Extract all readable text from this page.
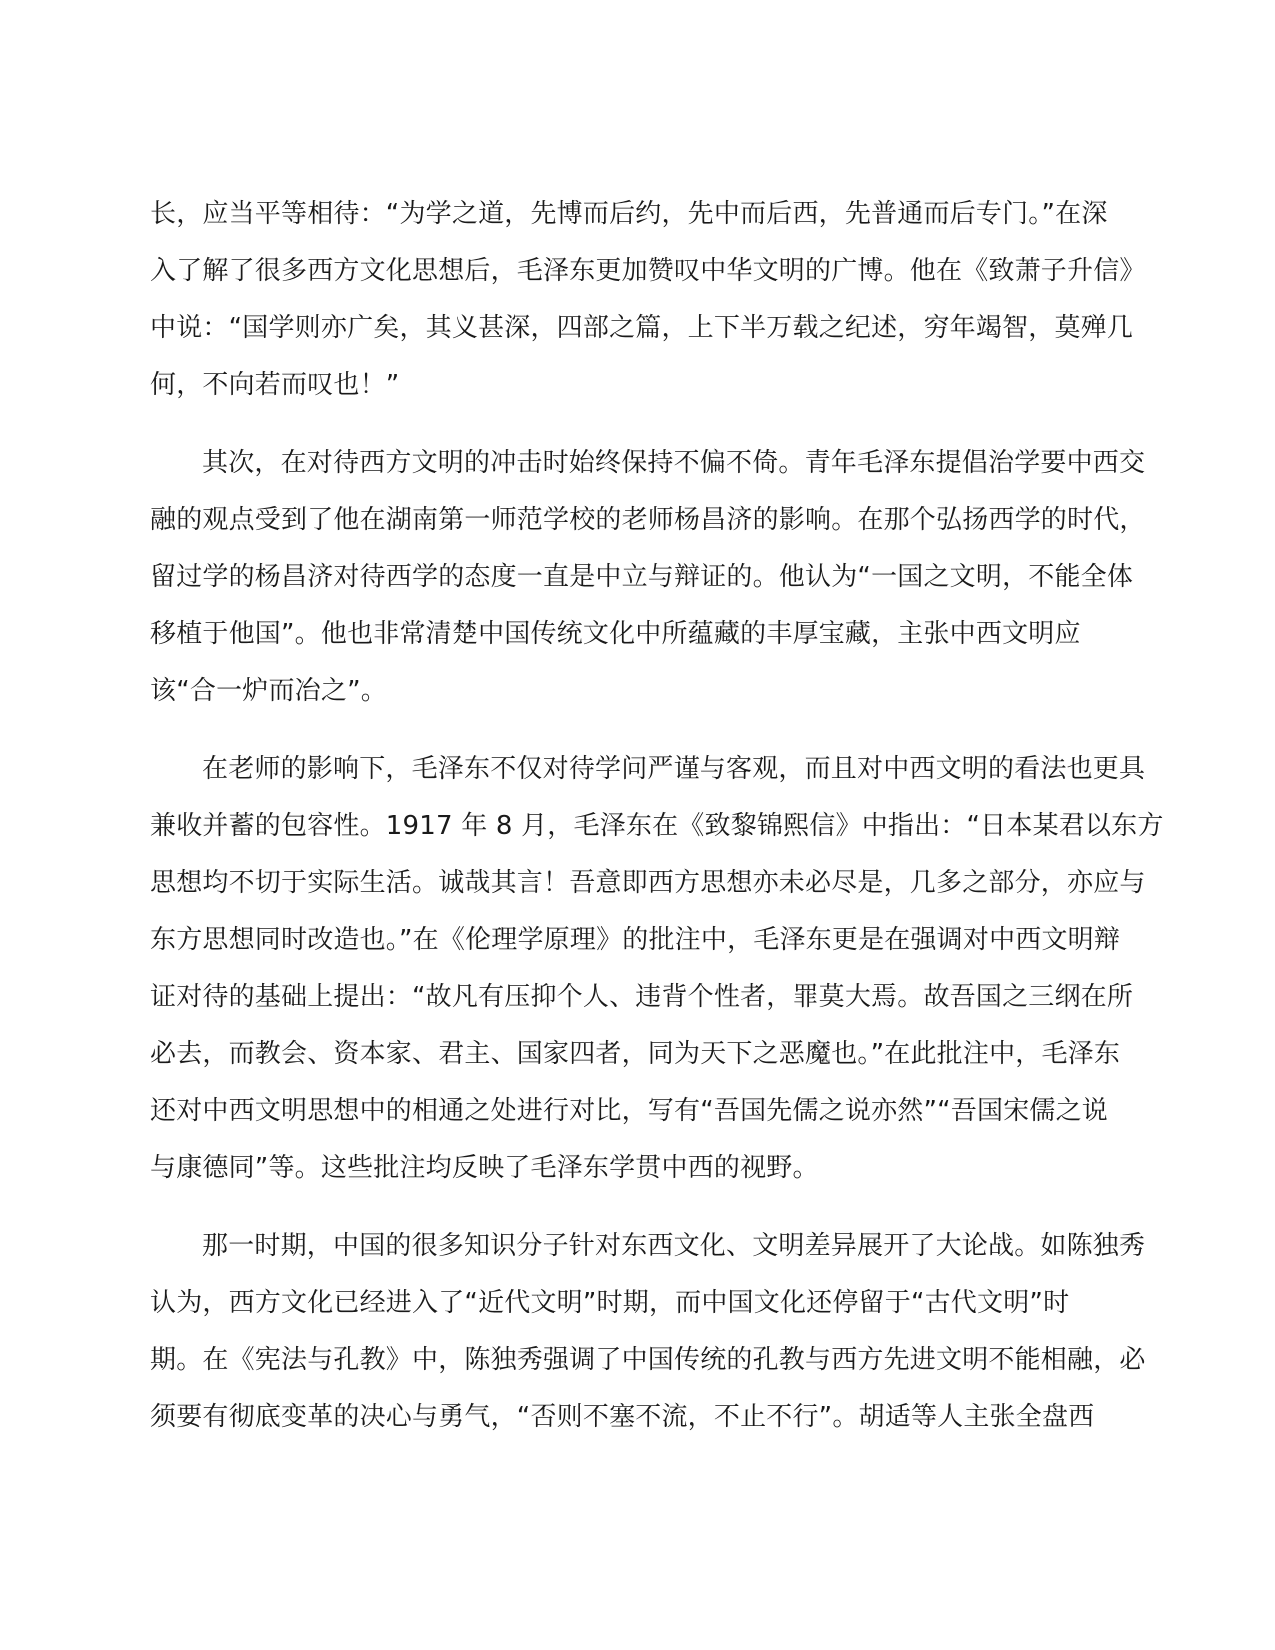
长，应当平等相待：“为学之道，先博而后约，先中而后西，先普通而后专门。”在深
入了解了很多西方文化思想后，毛泽东更加赞叹中华文明的广博。他在《致萧子升信》
中说：“国学则亦广矣，其义甚深，四部之篇，上下半万载之纪述，穷年竭智，莫殚几
何，不向若而叹也！”
其次，在对待西方文明的冲击时始终保持不偏不倚。青年毛泽东提倡治学要中西交
融的观点受到了他在湖南第一师范学校的老师杨昌济的影响。在那个弘扬西学的时代，
留过学的杨昌济对待西学的态度一直是中立与辩证的。他认为“一国之文明，不能全体
移植于他国”。他也非常清楚中国传统文化中所蕴藏的丰厚宝藏，主张中西文明应
该“合一炉而冶之”。
在老师的影响下，毛泽东不仅对待学问严谨与客观，而且对中西文明的看法也更具
兼收并蓄的包容性。1917 年 8 月，毛泽东在《致黎锦熙信》中指出：“日本某君以东方
思想均不切于实际生活。诚哉其言！吾意即西方思想亦未必尽是，几多之部分，亦应与
东方思想同时改造也。”在《伦理学原理》的批注中，毛泽东更是在强调对中西文明辩
证对待的基础上提出：“故凡有压抑个人、违背个性者，罪莫大焉。故吾国之三纲在所
必去，而教会、资本家、君主、国家四者，同为天下之恶魔也。”在此批注中，毛泽东
还对中西文明思想中的相通之处进行对比，写有“吾国先儒之说亦然”“吾国宋儒之说
与康德同”等。这些批注均反映了毛泽东学贯中西的视野。
那一时期，中国的很多知识分子针对东西文化、文明差异展开了大论战。如陈独秀
认为，西方文化已经进入了“近代文明”时期，而中国文化还停留于“古代文明”时
期。在《宪法与孔教》中，陈独秀强调了中国传统的孔教与西方先进文明不能相融，必
须要有彻底变革的决心与勇气，“否则不塞不流，不止不行”。胡适等人主张全盘西
